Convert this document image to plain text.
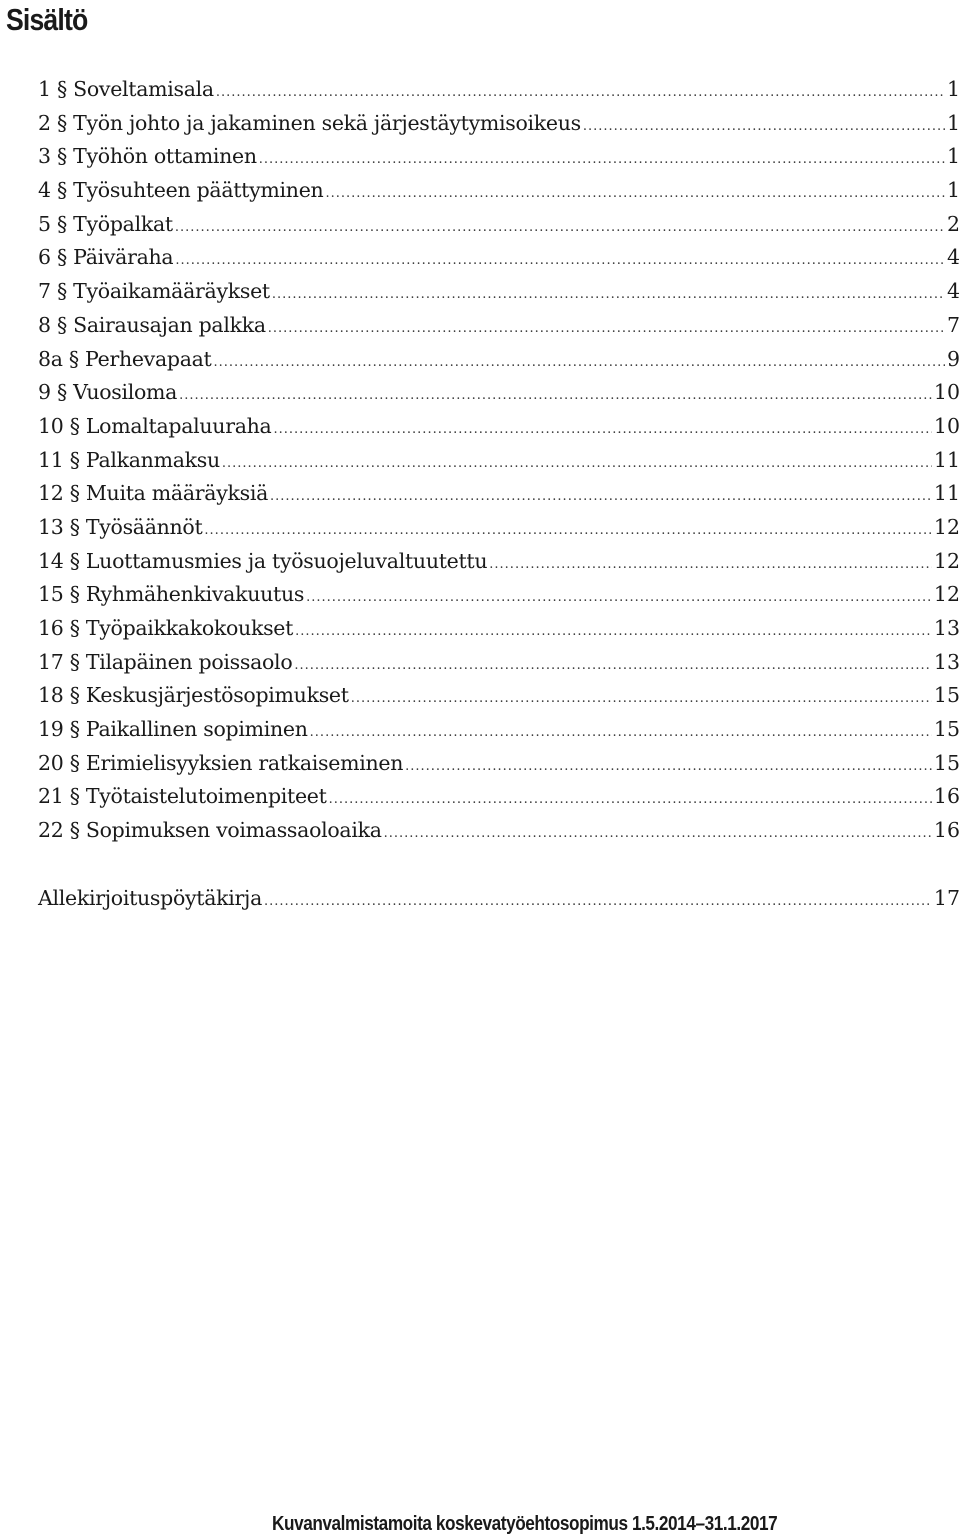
Sisältö
1 § Soveltamisala .....	1
2 § Työn johto ja jakaminen sekä järjestäytymisoikeus .....	1
3 § Työhön ottaminen .....	1
4 § Työsuhteen päättyminen .....	1
5 § Työpalkat .....	2
6 § Päiväraha .....	4
7 § Työaikamääräykset .....	4
8 § Sairausajan palkka .....	7
8a § Perhevapaat .....	9
9 § Vuosiloma .....	10
10 § Lomaltapaluuraha .....	10
11 § Palkanmaksu .....	11
12 § Muita määräyksiä .....	11
13 § Työsäännöt .....	12
14 § Luottamusmies ja työsuojeluvaltuutettu .....	12
15 § Ryhmähenkivakuutus .....	12
16 § Työpaikkakokoukset .....	13
17 § Tilapäinen poissaolo .....	13
18 § Keskusjärjestösopimukset .....	15
19 § Paikallinen sopiminen .....	15
20 § Erimielisyyksien ratkaiseminen .....	15
21 § Työtaistelutoimenpiteet .....	16
22 § Sopimuksen voimassaoloaika .....	16
Allekirjoituspöytäkirja .....	17
Kuvanvalmistamoita koskevatyöehtosopimus 1.5.2014–31.1.2017
